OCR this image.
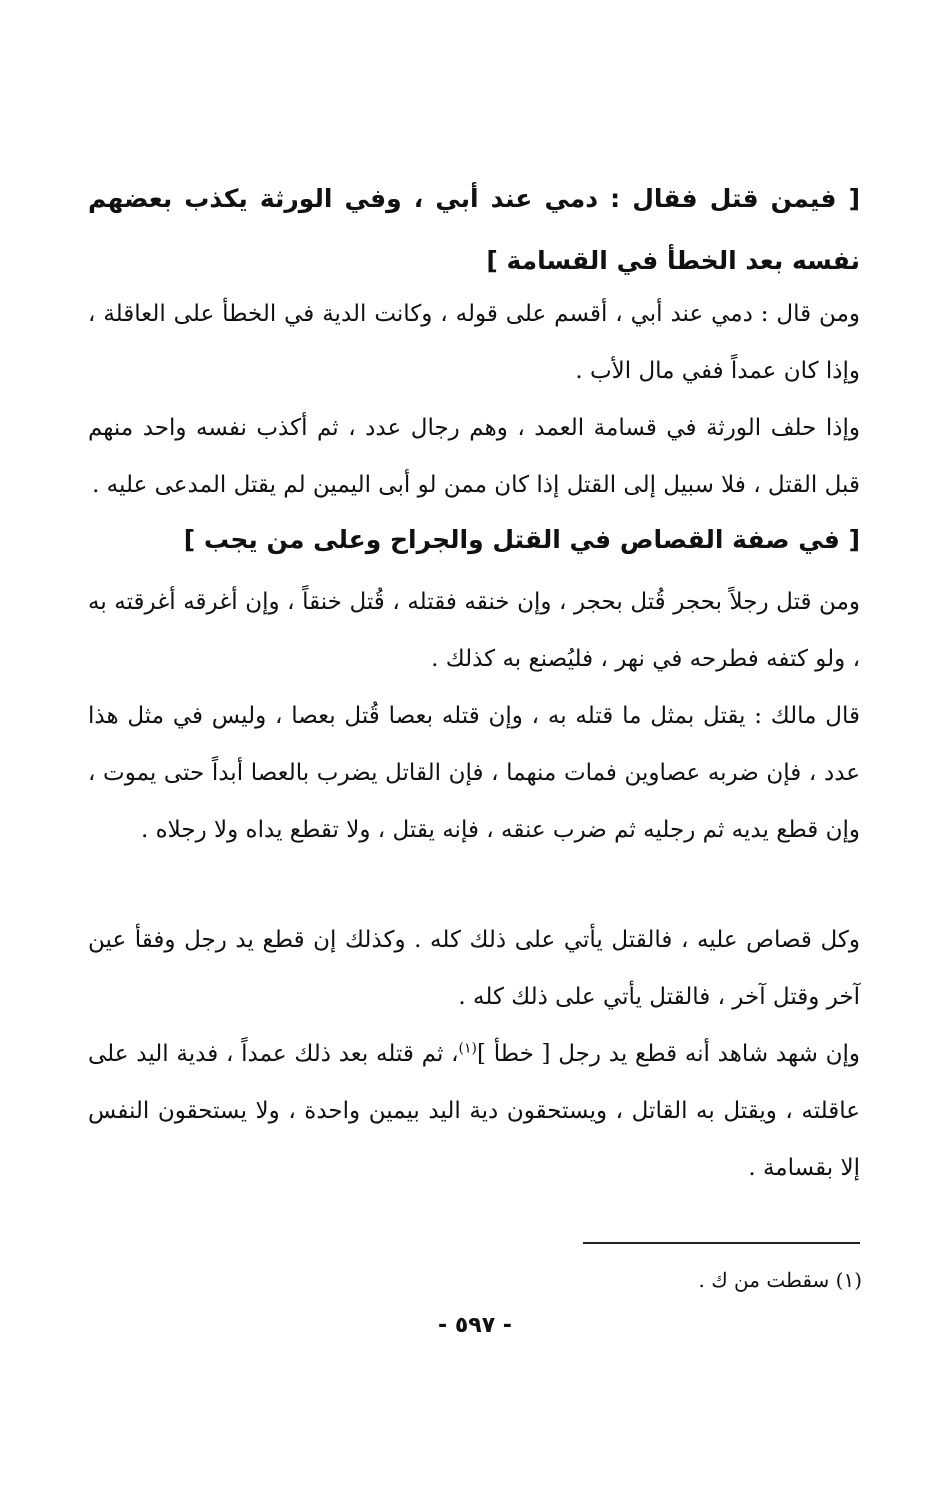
[ فيمن قتل فقال : دمي عند أبي ، وفي الورثة يكذب بعضهم نفسه بعد الخطأ في القسامة ]
ومن قال : دمي عند أبي ، أقسم على قوله ، وكانت الدية في الخطأ على العاقلة ، وإذا كان عمداً ففي مال الأب .
وإذا حلف الورثة في قسامة العمد ، وهم رجال عدد ، ثم أكذب نفسه واحد منهم قبل القتل ، فلا سبيل إلى القتل إذا كان ممن لو أبى اليمين لم يقتل المدعى عليه .
[ في صفة القصاص في القتل والجراح وعلى من يجب ]
ومن قتل رجلاً بحجر قُتل بحجر ، وإن خنقه فقتله ، قُتل خنقاً ، وإن أغرقه أغرقته به ، ولو كتفه فطرحه في نهر ، فليُصنع به كذلك .
قال مالك : يقتل بمثل ما قتله به ، وإن قتله بعصا قُتل بعصا ، وليس في مثل هذا عدد ، فإن ضربه عصاوين فمات منهما ، فإن القاتل يضرب بالعصا أبداً حتى يموت ، وإن قطع يديه ثم رجليه ثم ضرب عنقه ، فإنه يقتل ، ولا تقطع يداه ولا رجلاه .
وكل قصاص عليه ، فالقتل يأتي على ذلك كله . وكذلك إن قطع يد رجل وفقأ عين آخر وقتل آخر ، فالقتل يأتي على ذلك كله .
وإن شهد شاهد أنه قطع يد رجل [ خطأ ]$^{(١)}$، ثم قتله بعد ذلك عمداً ، فدية اليد على عاقلته ، ويقتل به القاتل ، ويستحقون دية اليد بيمين واحدة ، ولا يستحقون النفس إلا بقسامة .
(١) سقطت من ك .
- ٥٩٧ -
